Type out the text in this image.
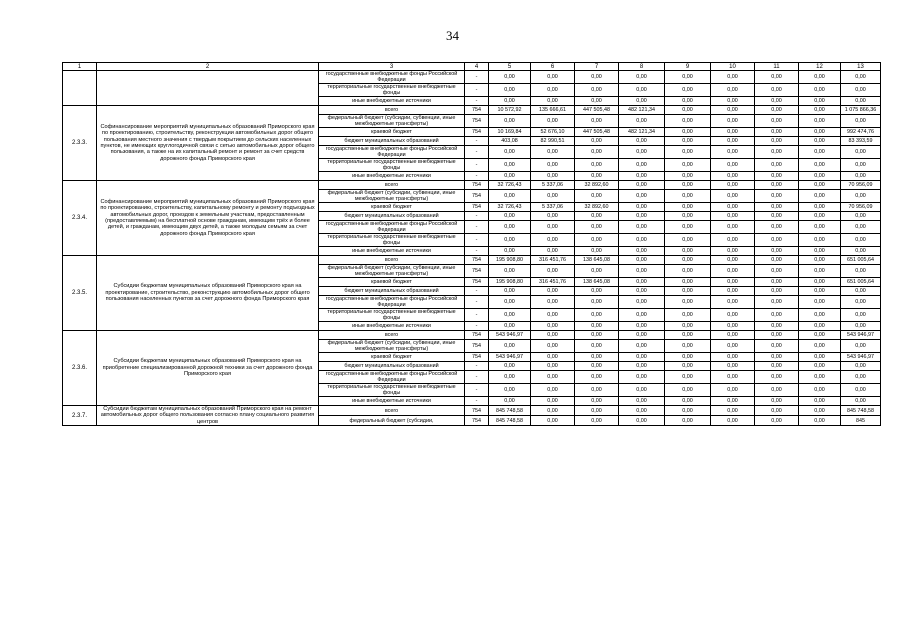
34
1	2	3	4	5	6	7	8	9	10	11	12	13
		государственные внебюджетные фонды Российской Федерации	-	0,00	0,00	0,00	0,00	0,00	0,00	0,00	0,00	0,00
		территориальные государственные внебюджетные фонды	-	0,00	0,00	0,00	0,00	0,00	0,00	0,00	0,00	0,00
		иные внебюджетные источники	-	0,00	0,00	0,00	0,00	0,00	0,00	0,00	0,00	0,00
2.3.3.	Софинансирование мероприятий муниципальных образований Приморского края по проектированию, строительству, реконструкции автомобильных дорог общего пользования местного значения с твердым покрытием до сельских населенных пунктов, не имеющих круглогодичной связи с сетью автомобильных дорог общего пользования, а также на их капитальный ремонт и ремонт за счет средств дорожного фонда Приморского края	всего	754	10 572,92	135 666,61	447 505,48	482 121,34	0,00	0,00	0,00	0,00	1 075 866,36
		федеральный бюджет (субсидии, субвенции, иные межбюджетные трансферты)	754	0,00	0,00	0,00	0,00	0,00	0,00	0,00	0,00	0,00
		краевой бюджет	754	10 169,84	52 676,10	447 505,48	482 121,34	0,00	0,00	0,00	0,00	992 474,76
		бюджет муниципальных образований	-	403,08	82 990,51	0,00	0,00	0,00	0,00	0,00	0,00	83 393,59
		государственные внебюджетные фонды Российской Федерации	-	0,00	0,00	0,00	0,00	0,00	0,00	0,00	0,00	0,00
		территориальные государственные внебюджетные фонды	-	0,00	0,00	0,00	0,00	0,00	0,00	0,00	0,00	0,00
		иные внебюджетные источники	-	0,00	0,00	0,00	0,00	0,00	0,00	0,00	0,00	0,00
2.3.4.	Софинансирование мероприятий муниципальных образований Приморского края по проектированию, строительству, капитальному ремонту и ремонту подъездных автомобильных дорог, проездов к земельным участкам, предоставленным (предоставляемым) на бесплатной основе гражданам, имеющим трёх и более детей, и гражданам, имеющим двух детей, а также молодым семьям за счет дорожного фонда Приморского края	всего	754	32 726,43	5 337,06	32 892,60	0,00	0,00	0,00	0,00	0,00	70 956,09
		федеральный бюджет (субсидии, субвенции, иные межбюджетные трансферты)	754	0,00	0,00	0,00	0,00	0,00	0,00	0,00	0,00	0,00
		краевой бюджет	754	32 726,43	5 337,06	32 892,60	0,00	0,00	0,00	0,00	0,00	70 956,09
		бюджет муниципальных образований	-	0,00	0,00	0,00	0,00	0,00	0,00	0,00	0,00	0,00
		государственные внебюджетные фонды Российской Федерации	-	0,00	0,00	0,00	0,00	0,00	0,00	0,00	0,00	0,00
		территориальные государственные внебюджетные фонды	-	0,00	0,00	0,00	0,00	0,00	0,00	0,00	0,00	0,00
		иные внебюджетные источники	-	0,00	0,00	0,00	0,00	0,00	0,00	0,00	0,00	0,00
2.3.5.	Субсидии бюджетам муниципальных образований Приморского края на проектирование, строительство, реконструкцию автомобильных дорог общего пользования населенных пунктов за счет дорожного фонда Приморского края	всего	754	195 908,80	316 451,76	138 645,08	0,00	0,00	0,00	0,00	0,00	651 005,64
		федеральный бюджет (субсидии, субвенции, иные межбюджетные трансферты)	754	0,00	0,00	0,00	0,00	0,00	0,00	0,00	0,00	0,00
		краевой бюджет	754	195 908,80	316 451,76	138 645,08	0,00	0,00	0,00	0,00	0,00	651 005,64
		бюджет муниципальных образований	-	0,00	0,00	0,00	0,00	0,00	0,00	0,00	0,00	0,00
		государственные внебюджетные фонды Российской Федерации	-	0,00	0,00	0,00	0,00	0,00	0,00	0,00	0,00	0,00
		территориальные государственные внебюджетные фонды	-	0,00	0,00	0,00	0,00	0,00	0,00	0,00	0,00	0,00
		иные внебюджетные источники	-	0,00	0,00	0,00	0,00	0,00	0,00	0,00	0,00	0,00
2.3.6.	Субсидии бюджетам муниципальных образований Приморского края на приобретение специализированной дорожной техники за счет дорожного фонда Приморского края	всего	754	543 946,97	0,00	0,00	0,00	0,00	0,00	0,00	0,00	543 946,97
		федеральный бюджет (субсидии, субвенции, иные межбюджетные трансферты)	754	0,00	0,00	0,00	0,00	0,00	0,00	0,00	0,00	0,00
		краевой бюджет	754	543 946,97	0,00	0,00	0,00	0,00	0,00	0,00	0,00	543 946,97
		бюджет муниципальных образований	-	0,00	0,00	0,00	0,00	0,00	0,00	0,00	0,00	0,00
		государственные внебюджетные фонды Российской Федерации	-	0,00	0,00	0,00	0,00	0,00	0,00	0,00	0,00	0,00
		территориальные государственные внебюджетные фонды	-	0,00	0,00	0,00	0,00	0,00	0,00	0,00	0,00	0,00
		иные внебюджетные источники	-	0,00	0,00	0,00	0,00	0,00	0,00	0,00	0,00	0,00
2.3.7.	Субсидии бюджетам муниципальных образований Приморского края на ремонт автомобильных дорог общего пользования согласно плану социального развития центров	всего	754	845 748,58	0,00	0,00	0,00	0,00	0,00	0,00	0,00	845 748,58
		федеральный бюджет (субсидии,	754	845 748,58	0,00	0,00	0,00	0,00	0,00	0,00	0,00	845
